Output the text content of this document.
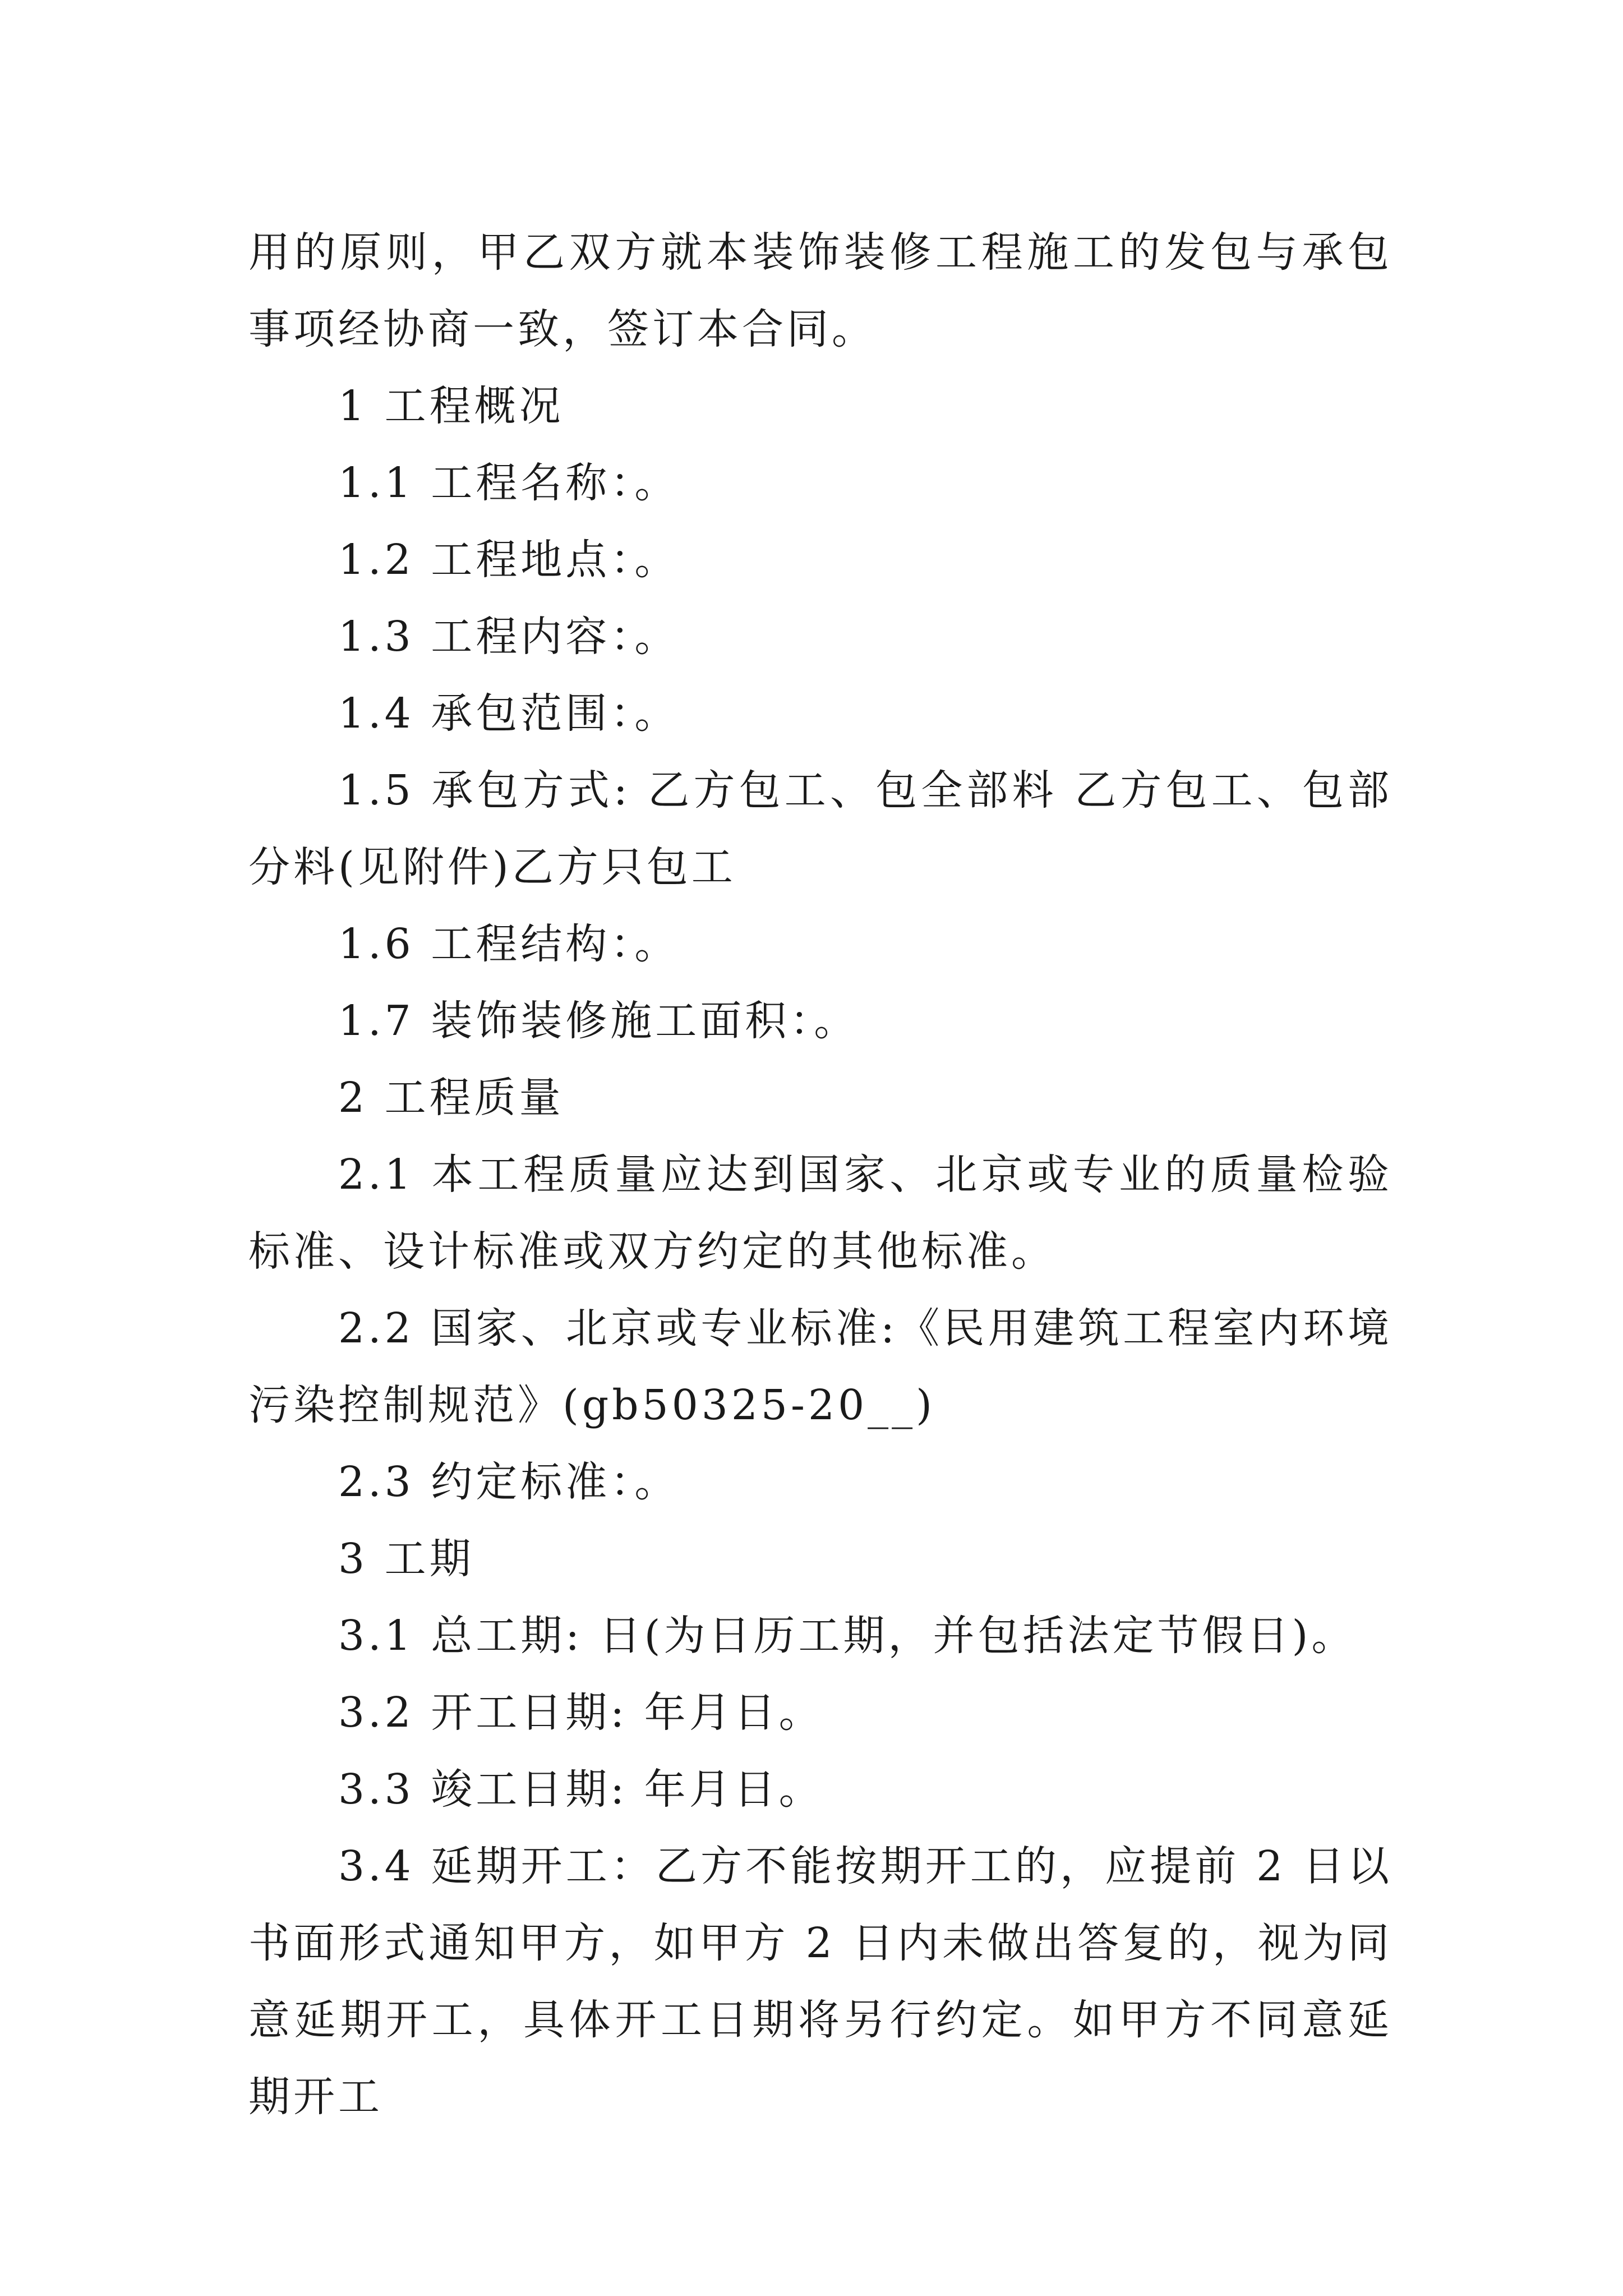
用的原则，甲乙双方就本装饰装修工程施工的发包与承包事项经协商一致，签订本合同。

1 工程概况

1.1 工程名称：。

1.2 工程地点：。

1.3 工程内容：。

1.4 承包范围：。

1.5 承包方式: 乙方包工、包全部料 乙方包工、包部分料(见附件)乙方只包工

1.6 工程结构：。

1.7 装饰装修施工面积：。

2 工程质量

2.1 本工程质量应达到国家、北京或专业的质量检验标准、设计标准或双方约定的其他标准。

2.2 国家、北京或专业标准:《民用建筑工程室内环境污染控制规范》(gb50325-20__)

2.3 约定标准：。

3 工期

3.1 总工期: 日(为日历工期，并包括法定节假日)。

3.2 开工日期: 年月日。

3.3 竣工日期: 年月日。

3.4 延期开工：乙方不能按期开工的，应提前 2 日以书面形式通知甲方，如甲方 2 日内未做出答复的，视为同意延期开工，具体开工日期将另行约定。如甲方不同意延期开工
